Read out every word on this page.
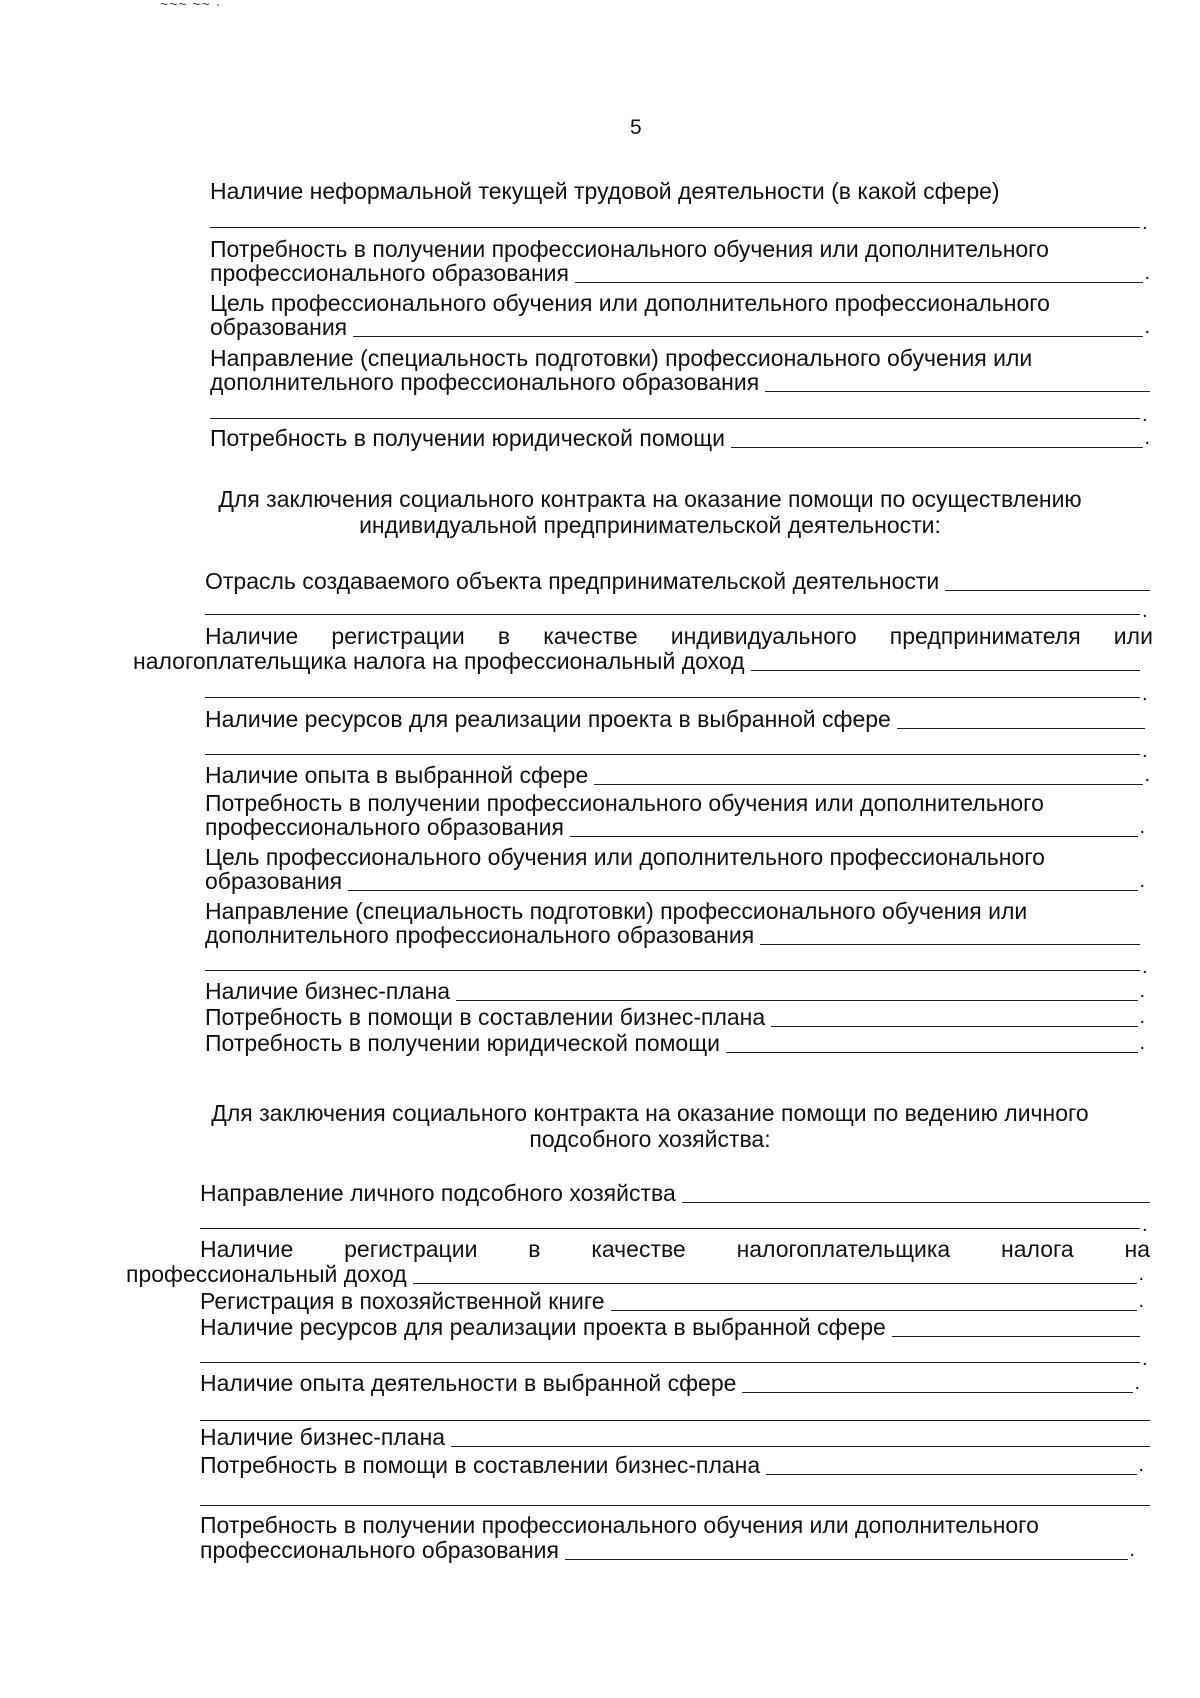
~~~ ~~ ·
5
Наличие неформальной текущей трудовой деятельности (в какой сфере)
.
Потребность в получении профессионального обучения или дополнительного
профессионального образования	.
Цель профессионального обучения или дополнительного профессионального
образования	.
Направление (специальность подготовки) профессионального обучения или
дополнительного профессионального образования
.
Потребность в получении юридической помощи	.
Для заключения социального контракта на оказание помощи по осуществлению
индивидуальной предпринимательской деятельности:
Отрасль создаваемого объекта предпринимательской деятельности
.
Наличие регистрации в качестве индивидуального предпринимателя или
налогоплательщика налога на профессиональный доход
.
Наличие ресурсов для реализации проекта в выбранной сфере
.
Наличие опыта в выбранной сфере	.
Потребность в получении профессионального обучения или дополнительного
профессионального образования	.
Цель профессионального обучения или дополнительного профессионального
образования	.
Направление (специальность подготовки) профессионального обучения или
дополнительного профессионального образования
.
Наличие бизнес-плана	.
Потребность в помощи в составлении бизнес-плана	.
Потребность в получении юридической помощи	.
Для заключения социального контракта на оказание помощи по ведению личного
подсобного хозяйства:
Направление личного подсобного хозяйства
.
Наличие регистрации в качестве налогоплательщика налога на
профессиональный доход	.
Регистрация в похозяйственной книге	.
Наличие ресурсов для реализации проекта в выбранной сфере
.
Наличие опыта деятельности в выбранной сфере	.
Наличие бизнес-плана
Потребность в помощи в составлении бизнес-плана	.
Потребность в получении профессионального обучения или дополнительного
профессионального образования	.
